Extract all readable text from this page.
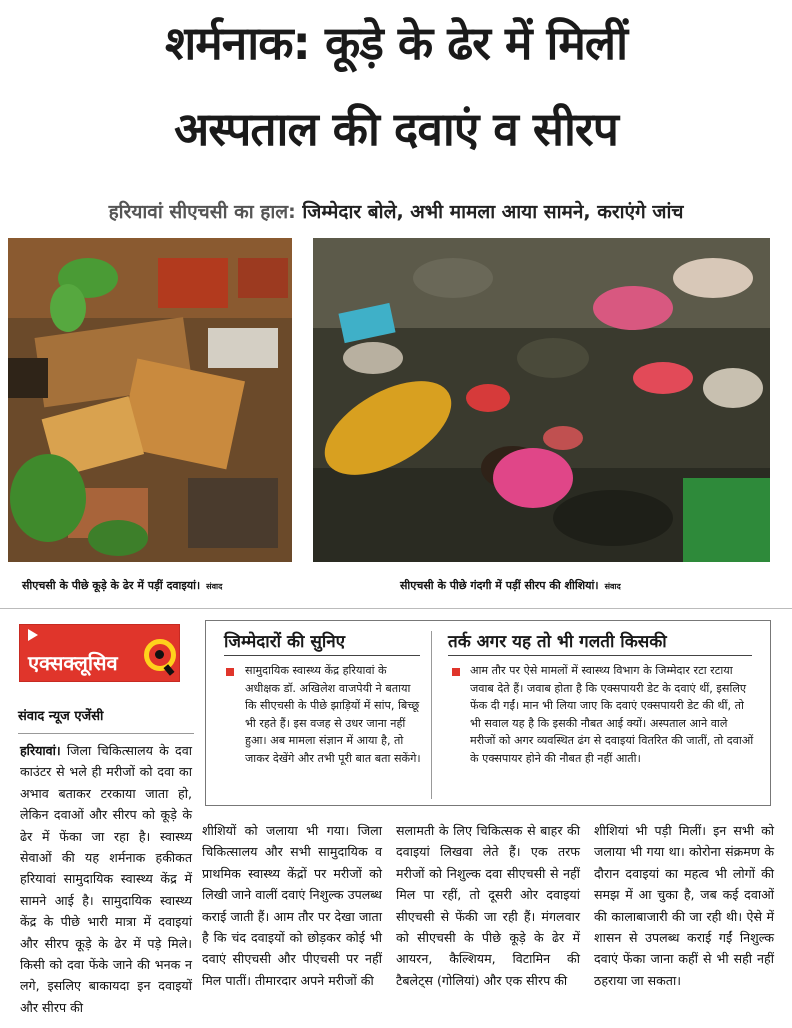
शर्मनाक: कूड़े के ढेर में मिलीं
अस्पताल की दवाएं व सीरप
हरियावां सीएचसी का हाल: जिम्मेदार बोले, अभी मामला आया सामने, कराएंगे जांच
सीएचसी के पीछे कूड़े के ढेर में पड़ीं दवाइयां। संवाद	सीएचसी के पीछे गंदगी में पड़ीं सीरप की शीशियां। संवाद
एक्सक्लूसिव
संवाद न्यूज एजेंसी
जिम्मेदारों की सुनिए
सामुदायिक स्वास्थ्य केंद्र हरियावां के अधीक्षक डॉ. अखिलेश वाजपेयी ने बताया कि सीएचसी के पीछे झाड़ियों में सांप, बिच्छू भी रहते हैं। इस वजह से उधर जाना नहीं हुआ। अब मामला संज्ञान में आया है, तो जाकर देखेंगे और तभी पूरी बात बता सकेंगे।
तर्क अगर यह तो भी गलती किसकी
आम तौर पर ऐसे मामलों में स्वास्थ्य विभाग के जिम्मेदार रटा रटाया जवाब देते हैं। जवाब होता है कि एक्सपायरी डेट के दवाएं थीं, इसलिए फेंक दी गईं। मान भी लिया जाए कि दवाएं एक्सपायरी डेट की थीं, तो भी सवाल यह है कि इसकी नौबत आई क्यों। अस्पताल आने वाले मरीजों को अगर व्यवस्थित ढंग से दवाइयां वितरित की जातीं, तो दवाओं के एक्सपायर होने की नौबत ही नहीं आती।
हरियावां। जिला चिकित्सालय के दवा काउंटर से भले ही मरीजों को दवा का अभाव बताकर टरकाया जाता हो, लेकिन दवाओं और सीरप को कूड़े के ढेर में फेंका जा रहा है। स्वास्थ्य सेवाओं की यह शर्मनाक हकीकत हरियावां सामुदायिक स्वास्थ्य केंद्र में सामने आई है। सामुदायिक स्वास्थ्य केंद्र के पीछे भारी मात्रा में दवाइयां और सीरप कूड़े के ढेर में पड़े मिले। किसी को दवा फेंके जाने की भनक न लगे, इसलिए बाकायदा इन दवाइयों और सीरप की
शीशियों को जलाया भी गया। जिला चिकित्सालय और सभी सामुदायिक व प्राथमिक स्वास्थ्य केंद्रों पर मरीजों को लिखी जाने वालीं दवाएं निशुल्क उपलब्ध कराई जाती हैं। आम तौर पर देखा जाता है कि चंद दवाइयों को छोड़कर कोई भी दवाएं सीएचसी और पीएचसी पर नहीं मिल पातीं। तीमारदार अपने मरीजों की
सलामती के लिए चिकित्सक से बाहर की दवाइयां लिखवा लेते हैं। एक तरफ मरीजों को निशुल्क दवा सीएचसी से नहीं मिल पा रहीं, तो दूसरी ओर दवाइयां सीएचसी से फेंकी जा रही हैं। मंगलवार को सीएचसी के पीछे कूड़े के ढेर में आयरन, कैल्शियम, विटामिन की टैबलेट्स (गोलियां) और एक सीरप की
शीशियां भी पड़ी मिलीं। इन सभी को जलाया भी गया था। कोरोना संक्रमण के दौरान दवाइयां का महत्व भी लोगों की समझ में आ चुका है, जब कई दवाओं की कालाबाजारी की जा रही थी। ऐसे में शासन से उपलब्ध कराई गईं निशुल्क दवाएं फेंका जाना कहीं से भी सही नहीं ठहराया जा सकता।
